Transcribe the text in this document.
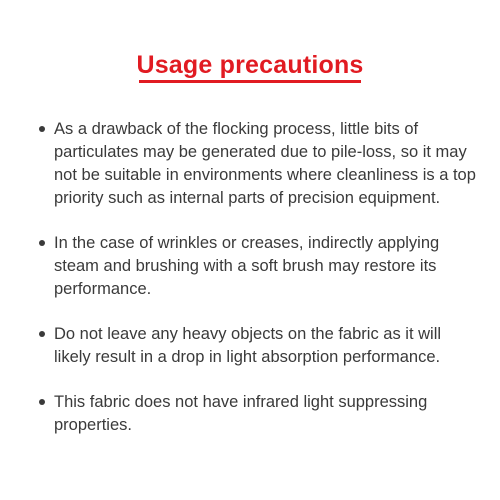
Usage precautions
As a drawback of the flocking process, little bits of particulates may be generated due to pile-loss, so it may not be suitable in environments where cleanliness is a top priority such as internal parts of precision equipment.
In the case of wrinkles or creases, indirectly applying steam and brushing with a soft brush may restore its performance.
Do not leave any heavy objects on the fabric as it will likely result in a drop in light absorption performance.
This fabric does not have infrared light suppressing properties.
